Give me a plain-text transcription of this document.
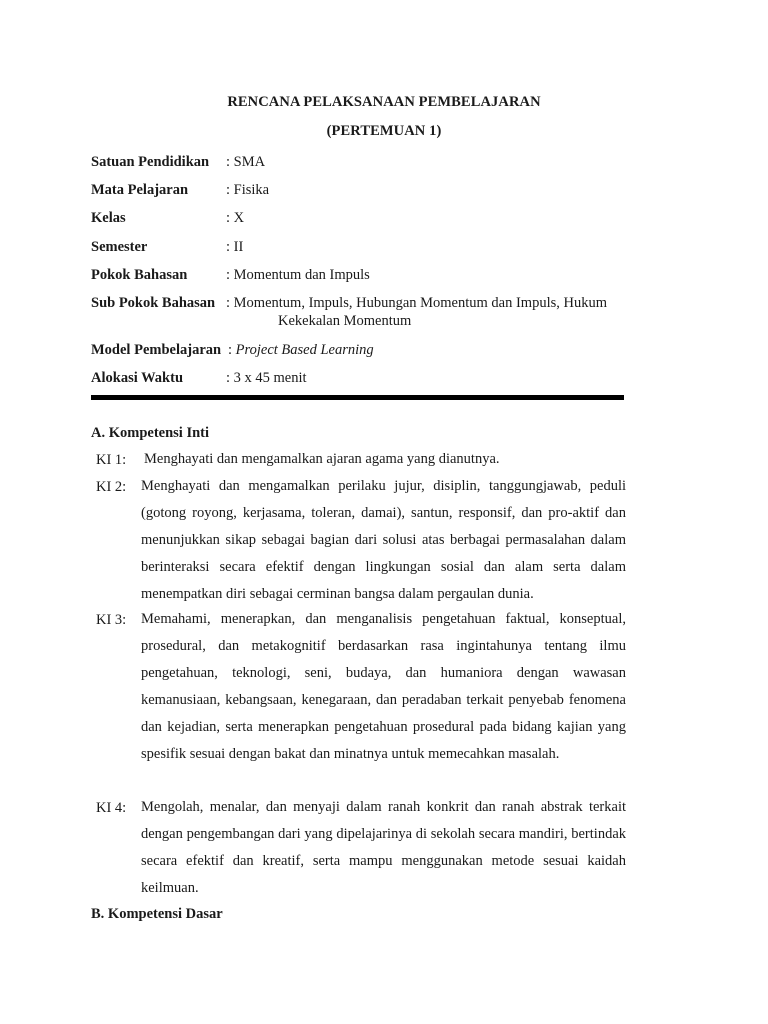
RENCANA PELAKSANAAN PEMBELAJARAN
(PERTEMUAN 1)
Satuan Pendidikan : SMA
Mata Pelajaran	: Fisika
Kelas	: X
Semester	: II
Pokok Bahasan	: Momentum dan Impuls
Sub Pokok Bahasan : Momentum, Impuls, Hubungan Momentum dan Impuls, Hukum
Kekekalan Momentum
Model Pembelajaran : Project Based Learning
Alokasi Waktu	: 3 x 45 menit
A. Kompetensi Inti
KI 1: Menghayati dan mengamalkan ajaran agama yang dianutnya.
KI 2: Menghayati dan mengamalkan perilaku jujur, disiplin, tanggungjawab, peduli (gotong royong, kerjasama, toleran, damai), santun, responsif, dan pro-aktif dan menunjukkan sikap sebagai bagian dari solusi atas berbagai permasalahan dalam berinteraksi secara efektif dengan lingkungan sosial dan alam serta dalam menempatkan diri sebagai cerminan bangsa dalam pergaulan dunia.
KI 3: Memahami, menerapkan, dan menganalisis pengetahuan faktual, konseptual, prosedural, dan metakognitif berdasarkan rasa ingintahunya tentang ilmu pengetahuan, teknologi, seni, budaya, dan humaniora dengan wawasan kemanusiaan, kebangsaan, kenegaraan, dan peradaban terkait penyebab fenomena dan kejadian, serta menerapkan pengetahuan prosedural pada bidang kajian yang spesifik sesuai dengan bakat dan minatnya untuk memecahkan masalah.
KI 4: Mengolah, menalar, dan menyaji dalam ranah konkrit dan ranah abstrak terkait dengan pengembangan dari yang dipelajarinya di sekolah secara mandiri, bertindak secara efektif dan kreatif, serta mampu menggunakan metode sesuai kaidah keilmuan.
B. Kompetensi Dasar
